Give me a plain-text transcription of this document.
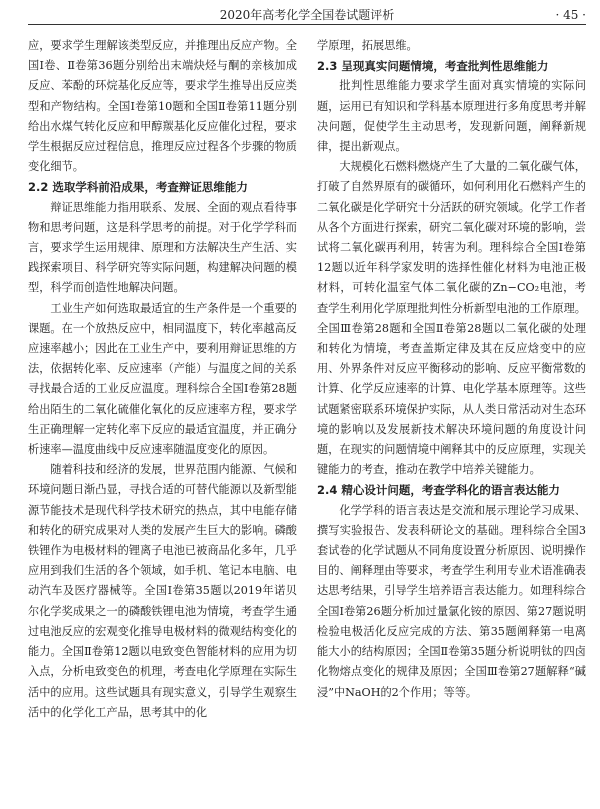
2020年高考化学全国卷试题评析	· 45 ·

应，要求学生理解该类型反应，并推理出反应产物。全国Ⅰ卷、Ⅱ卷第36题分别给出末端炔烃与酮的亲核加成反应、苯酚的环烷基化反应等，要求学生推导出反应类型和产物结构。全国Ⅰ卷第10题和全国Ⅱ卷第11题分别给出水煤气转化反应和甲醇羰基化反应催化过程，要求学生根据反应过程信息，推理反应过程各个步骤的物质变化细节。

2.2 选取学科前沿成果，考查辩证思维能力

辩证思维能力指用联系、发展、全面的观点看待事物和思考问题，这是科学思考的前提。对于化学学科而言，要求学生运用规律、原理和方法解决生产生活、实践探索项目、科学研究等实际问题，构建解决问题的模型，科学而创造性地解决问题。

工业生产如何选取最适宜的生产条件是一个重要的课题。在一个放热反应中，相同温度下，转化率越高反应速率越小；因此在工业生产中，要利用辩证思维的方法，依据转化率、反应速率（产能）与温度之间的关系寻找最合适的工业反应温度。理科综合全国Ⅰ卷第28题给出陌生的二氧化硫催化氧化的反应速率方程，要求学生正确理解一定转化率下反应的最适宜温度，并正确分析速率—温度曲线中反应速率随温度变化的原因。

随着科技和经济的发展，世界范围内能源、气候和环境问题日渐凸显，寻找合适的可替代能源以及新型能源节能技术是现代科学技术研究的热点，其中电能存储和转化的研究成果对人类的发展产生巨大的影响。磷酸铁锂作为电极材料的锂离子电池已被商品化多年，几乎应用到我们生活的各个领域，如手机、笔记本电脑、电动汽车及医疗器械等。全国Ⅰ卷第35题以2019年诺贝尔化学奖成果之一的磷酸铁锂电池为情境，考查学生通过电池反应的宏观变化推导电极材料的微观结构变化的能力。全国Ⅱ卷第12题以电致变色智能材料的应用为切入点，分析电致变色的机理，考查电化学原理在实际生活中的应用。这些试题具有现实意义，引导学生观察生活中的化学化工产品，思考其中的化

学原理，拓展思维。

2.3 呈现真实问题情境，考查批判性思维能力

批判性思维能力要求学生面对真实情境的实际问题，运用已有知识和学科基本原理进行多角度思考并解决问题，促使学生主动思考，发现新问题，阐释新规律，提出新观点。

大规模化石燃料燃烧产生了大量的二氧化碳气体，打破了自然界原有的碳循环，如何利用化石燃料产生的二氧化碳是化学研究十分活跃的研究领域。化学工作者从各个方面进行探索，研究二氧化碳对环境的影响，尝试将二氧化碳再利用，转害为利。理科综合全国Ⅰ卷第12题以近年科学家发明的选择性催化材料为电池正极材料，可转化温室气体二氧化碳的Zn−CO₂电池，考查学生利用化学原理批判性分析新型电池的工作原理。全国Ⅲ卷第28题和全国Ⅱ卷第28题以二氧化碳的处理和转化为情境，考查盖斯定律及其在反应焓变中的应用、外界条件对反应平衡移动的影响、反应平衡常数的计算、化学反应速率的计算、电化学基本原理等。这些试题紧密联系环境保护实际，从人类日常活动对生态环境的影响以及发展新技术解决环境问题的角度设计问题，在现实的问题情境中阐释其中的反应原理，实现关键能力的考查，推动在教学中培养关键能力。

2.4 精心设计问题，考查学科化的语言表达能力

化学学科的语言表达是交流和展示理论学习成果、撰写实验报告、发表科研论文的基础。理科综合全国3套试卷的化学试题从不同角度设置分析原因、说明操作目的、阐释理由等要求，考查学生利用专业术语准确表达思考结果，引导学生培养语言表达能力。如理科综合全国Ⅰ卷第26题分析加过量氯化铵的原因、第27题说明检验电极活化反应完成的方法、第35题阐释第一电离能大小的结构原因；全国Ⅱ卷第35题分析说明钛的四卤化物熔点变化的规律及原因；全国Ⅲ卷第27题解释“碱浸”中NaOH的2个作用；等等。
